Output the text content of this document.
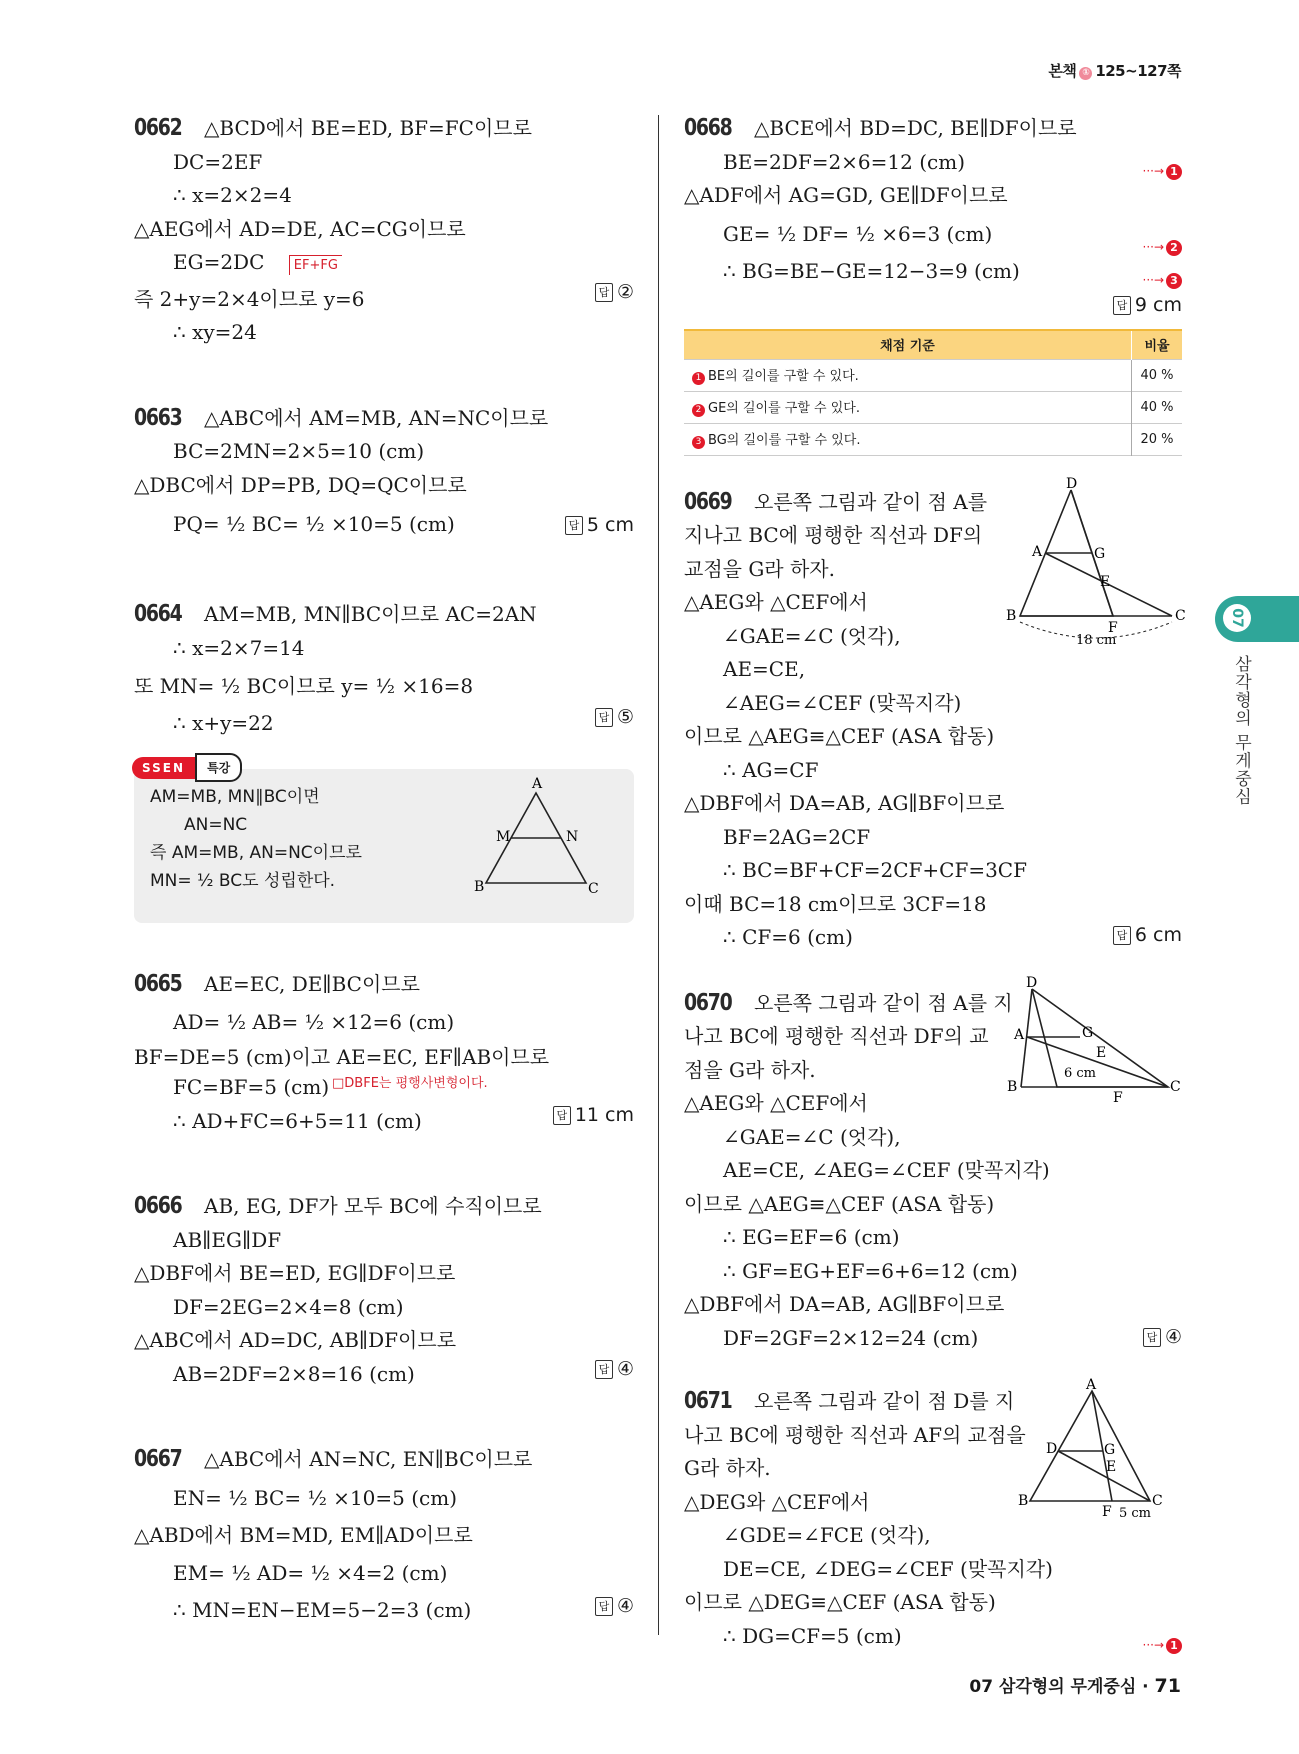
본책 ① 125~127쪽
0662 △BCD에서 BE=ED, BF=FC이므로
DC=2EF
∴ x=2×2=4
△AEG에서 AD=DE, AC=CG이므로
EG=2DC EF+FG
즉 2+y=2×4이므로 y=6
∴ xy=24
답 ②
0663 △ABC에서 AM=MB, AN=NC이므로
BC=2MN=2×5=10 (cm)
△DBC에서 DP=PB, DQ=QC이므로
PQ= ½ BC= ½ ×10=5 (cm)	답 5 cm
0664 AM=MB, MN∥BC이므로 AC=2AN
∴ x=2×7=14
또 MN= ½ BC이므로 y= ½ ×16=8
∴ x+y=22	답 ⑤
SSEN 특강
AM=MB, MN∥BC이면
AN=NC
즉 AM=MB, AN=NC이므로
MN= ½ BC도 성립한다.
A
M	N
B	C
0665 AE=EC, DE∥BC이므로
AD= ½ AB= ½ ×12=6 (cm)
BF=DE=5 (cm)이고 AE=EC, EF∥AB이므로
□DBFE는 평행사변형이다.
FC=BF=5 (cm)
∴ AD+FC=6+5=11 (cm)	답 11 cm
0666 AB, EG, DF가 모두 BC에 수직이므로
AB∥EG∥DF
△DBF에서 BE=ED, EG∥DF이므로
DF=2EG=2×4=8 (cm)
△ABC에서 AD=DC, AB∥DF이므로
AB=2DF=2×8=16 (cm)	답 ④
0667 △ABC에서 AN=NC, EN∥BC이므로
EN= ½ BC= ½ ×10=5 (cm)
△ABD에서 BM=MD, EM∥AD이므로
EM= ½ AD= ½ ×4=2 (cm)
∴ MN=EN−EM=5−2=3 (cm)	답 ④
0668 △BCE에서 BD=DC, BE∥DF이므로
BE=2DF=2×6=12 (cm)	···→ 1
△ADF에서 AG=GD, GE∥DF이므로
GE= ½ DF= ½ ×6=3 (cm)
···→ 2
∴ BG=BE−GE=12−3=9 (cm)	···→ 3
답 9 cm
채점 기준	비율
1 BE의 길이를 구할 수 있다.	40 %
2 GE의 길이를 구할 수 있다.	40 %
3 BG의 길이를 구할 수 있다.	20 %
0669 오른쪽 그림과 같이 점 A를
지나고 BC에 평행한 직선과 DF의
교점을 G라 하자.
△AEG와 △CEF에서
∠GAE=∠C (엇각),
AE=CE,
∠AEG=∠CEF (맞꼭지각)
이므로 △AEG≡△CEF (ASA 합동)
∴ AG=CF
△DBF에서 DA=AB, AG∥BF이므로
BF=2AG=2CF
∴ BC=BF+CF=2CF+CF=3CF
이때 BC=18 cm이므로 3CF=18
∴ CF=6 (cm)	답 6 cm
D
A	G
E
B
F
C
18 cm
0670 오른쪽 그림과 같이 점 A를 지
나고 BC에 평행한 직선과 DF의 교
점을 G라 하자.
△AEG와 △CEF에서
∠GAE=∠C (엇각),
AE=CE, ∠AEG=∠CEF (맞꼭지각)
이므로 △AEG≡△CEF (ASA 합동)
∴ EG=EF=6 (cm)
∴ GF=EG+EF=6+6=12 (cm)
△DBF에서 DA=AB, AG∥BF이므로
DF=2GF=2×12=24 (cm)	답 ④
D
A	G
E
B
F
C
6 cm
0671 오른쪽 그림과 같이 점 D를 지
나고 BC에 평행한 직선과 AF의 교점을
G라 하자.
△DEG와 △CEF에서
∠GDE=∠FCE (엇각),
DE=CE, ∠DEG=∠CEF (맞꼭지각)
이므로 △DEG≡△CEF (ASA 합동)
∴ DG=CF=5 (cm)	···→ 1
A
D	G
E
B
F
C
5 cm
07
삼각형의 무게중심
07 삼각형의 무게중심 · 71
